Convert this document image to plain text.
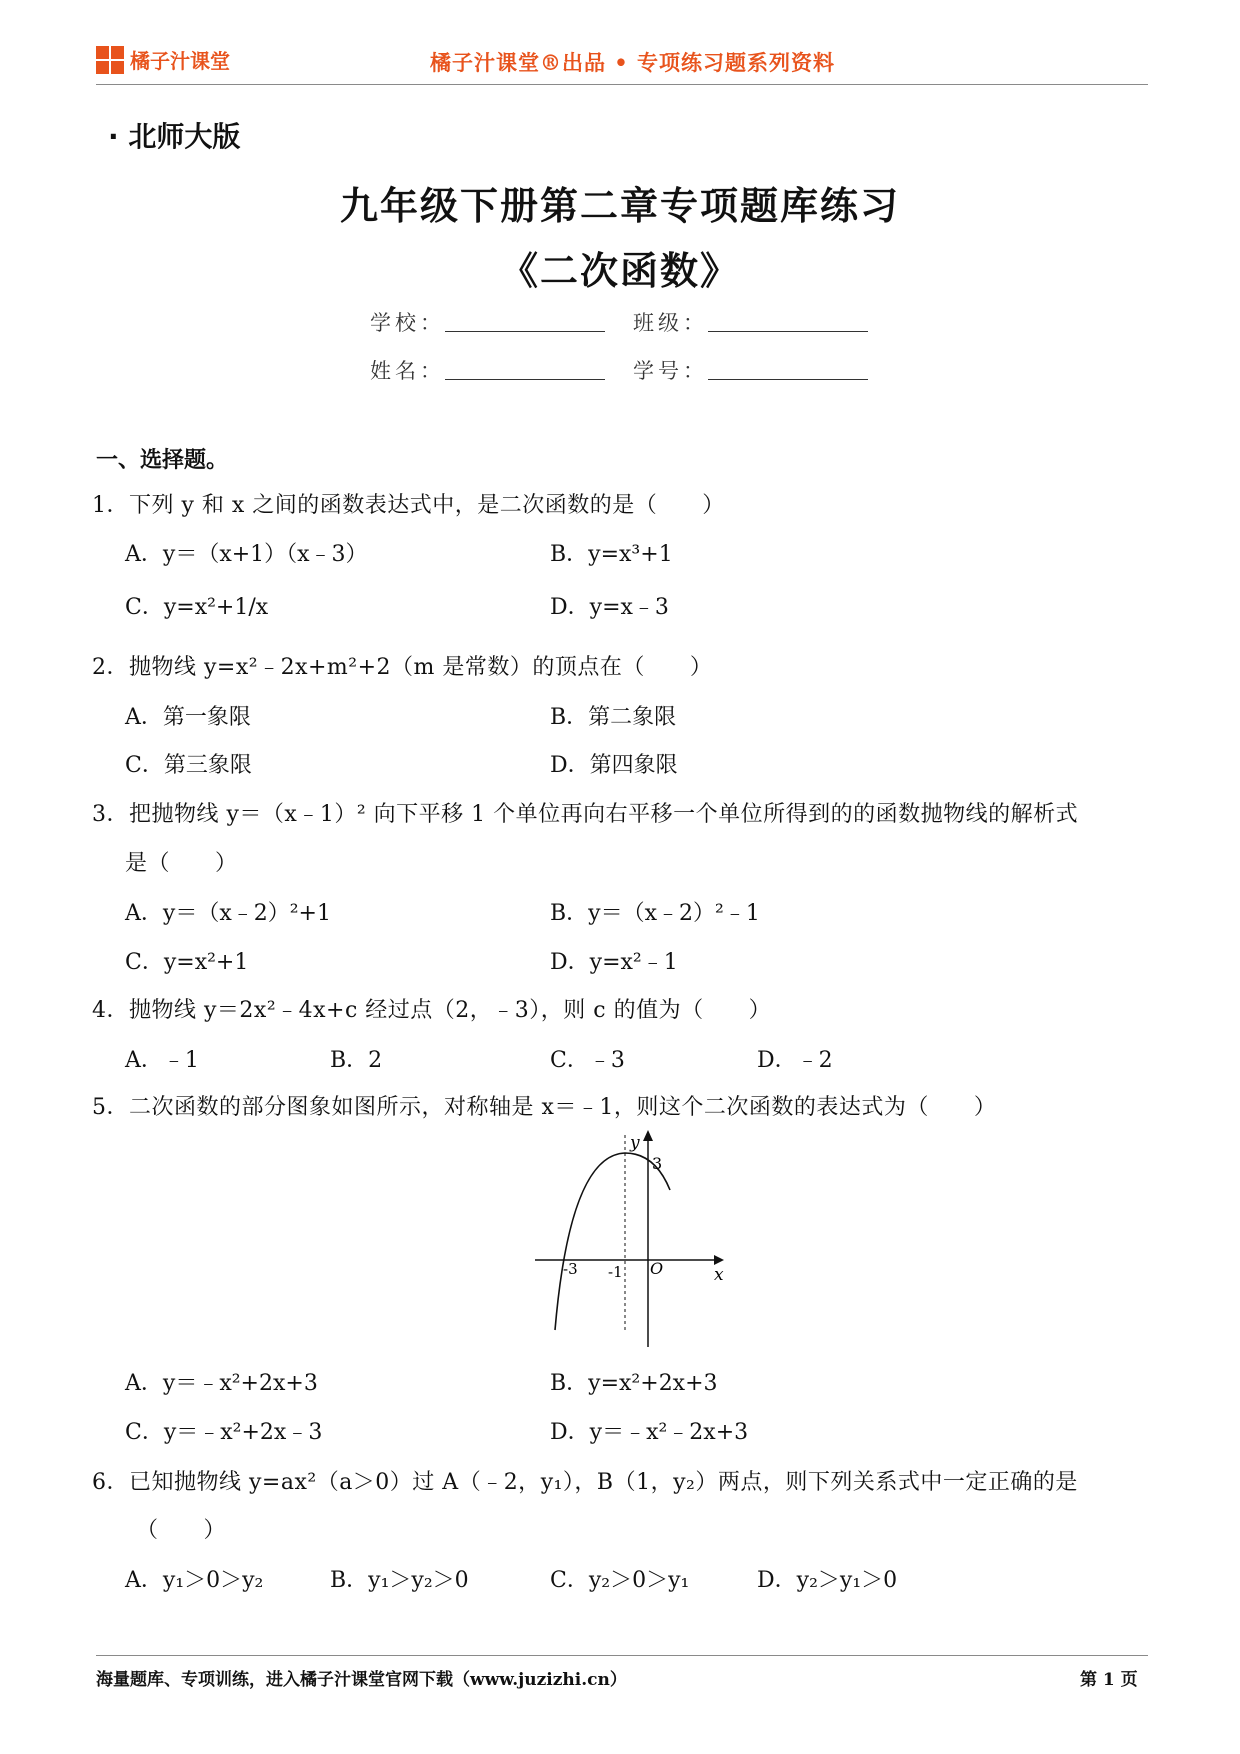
橘子汁课堂	橘子汁课堂®出品 • 专项练习题系列资料
· 北师大版
九年级下册第二章专项题库练习
《二次函数》
学校：	班级：
姓名：	学号：
一、选择题。
1．下列 y 和 x 之间的函数表达式中，是二次函数的是（　　）
A．y＝（x+1）（x﹣3）	B．y=x³+1
C．y=x²+1/x	D．y=x﹣3
2．抛物线 y=x²﹣2x+m²+2（m 是常数）的顶点在（　　）
A．第一象限	B．第二象限
C．第三象限	D．第四象限
3．把抛物线 y＝（x﹣1）² 向下平移 1 个单位再向右平移一个单位所得到的的函数抛物线的解析式
是（　　）
A．y＝（x﹣2）²+1	B．y＝（x﹣2）²﹣1
C．y=x²+1	D．y=x²﹣1
4．抛物线 y＝2x²﹣4x+c 经过点（2，﹣3），则 c 的值为（　　）
A．﹣1	B．2	C．﹣3	D．﹣2
5．二次函数的部分图象如图所示，对称轴是 x＝﹣1，则这个二次函数的表达式为（　　）
y
x
3
-3 -1 O
A．y＝﹣x²+2x+3	B．y=x²+2x+3
C．y＝﹣x²+2x﹣3	D．y＝﹣x²﹣2x+3
6．已知抛物线 y=ax²（a＞0）过 A（﹣2，y₁），B（1，y₂）两点，则下列关系式中一定正确的是
（　　）
A．y₁＞0＞y₂	B．y₁＞y₂＞0	C．y₂＞0＞y₁	D．y₂＞y₁＞0
海量题库、专项训练，进入橘子汁课堂官网下载（www.juzizhi.cn）	第 1 页
